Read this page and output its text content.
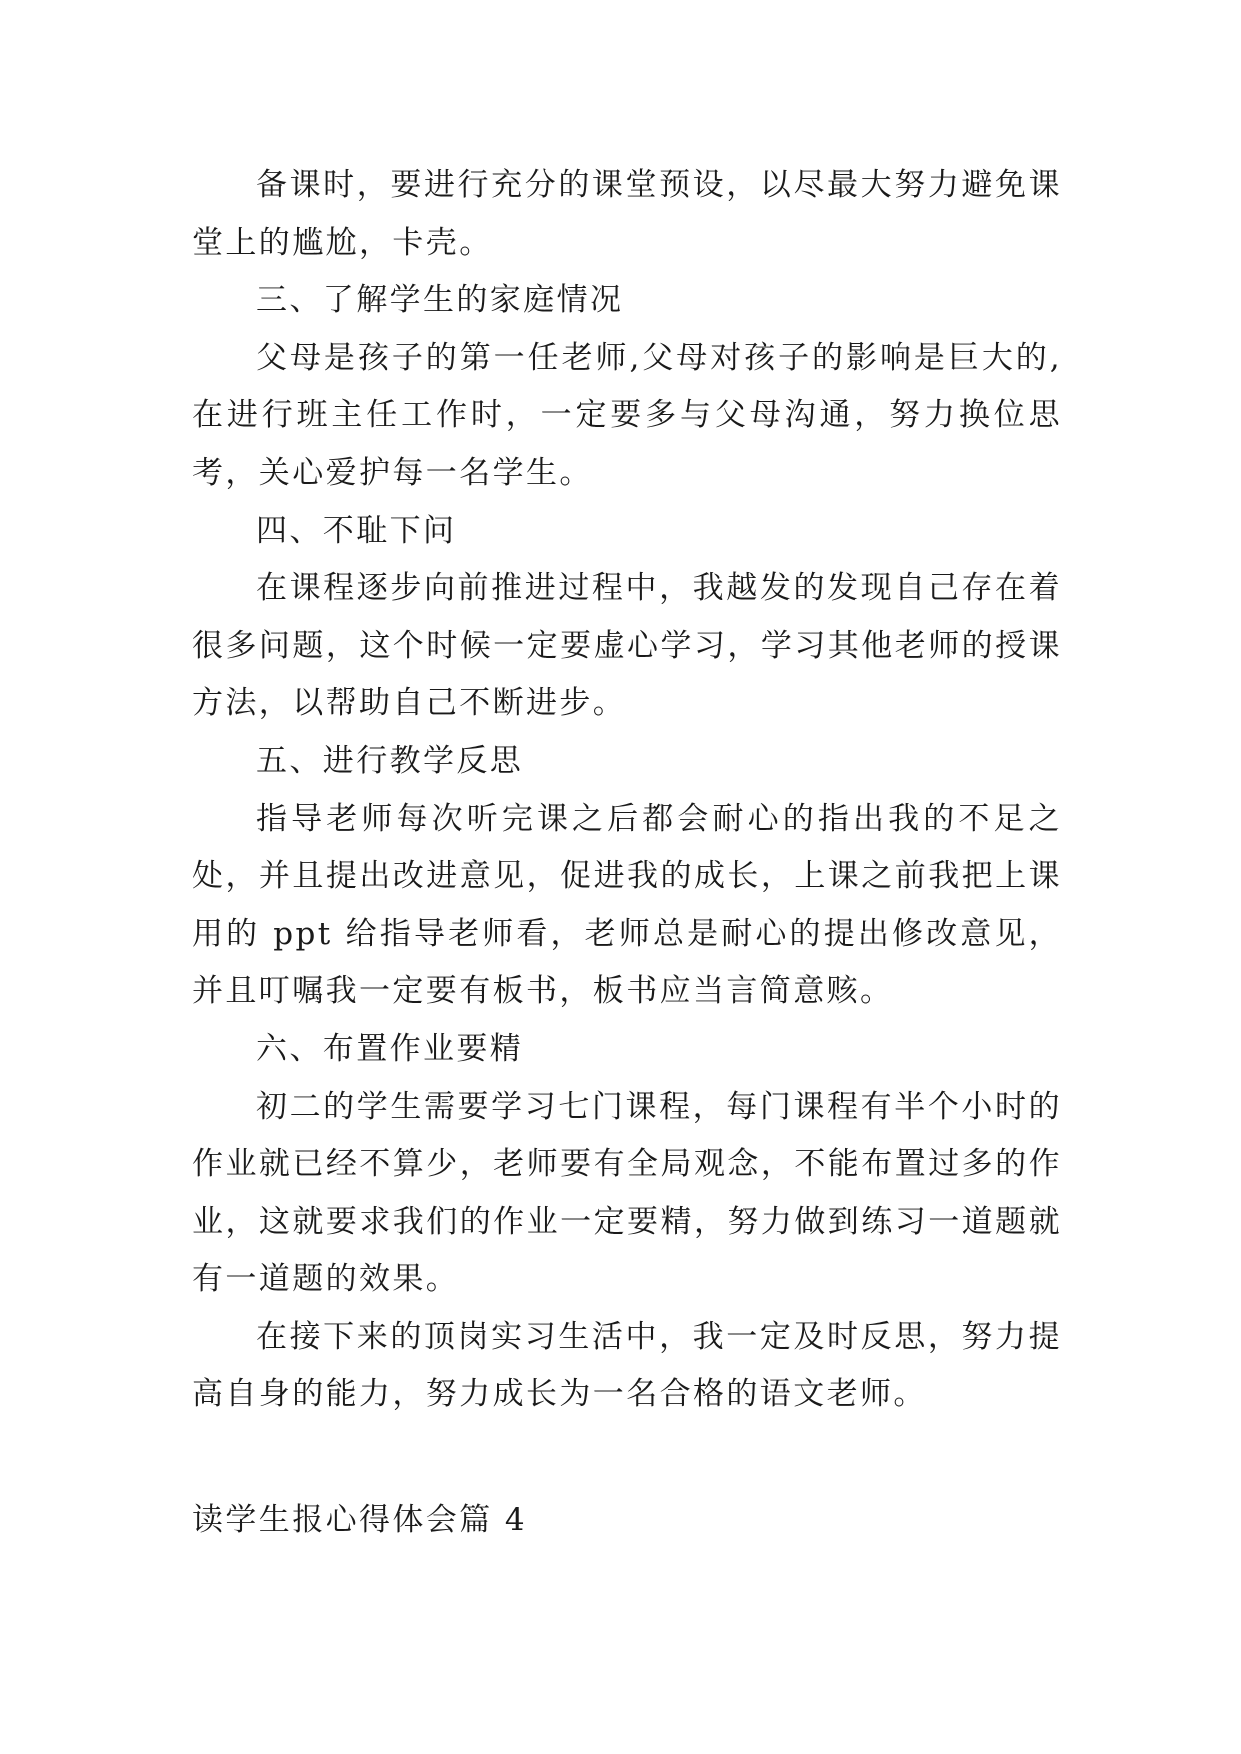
备课时，要进行充分的课堂预设，以尽最大努力避免课堂上的尴尬，卡壳。

三、了解学生的家庭情况

父母是孩子的第一任老师,父母对孩子的影响是巨大的,在进行班主任工作时，一定要多与父母沟通，努力换位思考，关心爱护每一名学生。

四、不耻下问

在课程逐步向前推进过程中，我越发的发现自己存在着很多问题，这个时候一定要虚心学习，学习其他老师的授课方法，以帮助自己不断进步。

五、进行教学反思

指导老师每次听完课之后都会耐心的指出我的不足之处，并且提出改进意见，促进我的成长，上课之前我把上课用的 ppt 给指导老师看，老师总是耐心的提出修改意见，并且叮嘱我一定要有板书，板书应当言简意赅。

六、布置作业要精

初二的学生需要学习七门课程，每门课程有半个小时的作业就已经不算少，老师要有全局观念，不能布置过多的作业，这就要求我们的作业一定要精，努力做到练习一道题就有一道题的效果。

在接下来的顶岗实习生活中，我一定及时反思，努力提高自身的能力，努力成长为一名合格的语文老师。

读学生报心得体会篇 4
